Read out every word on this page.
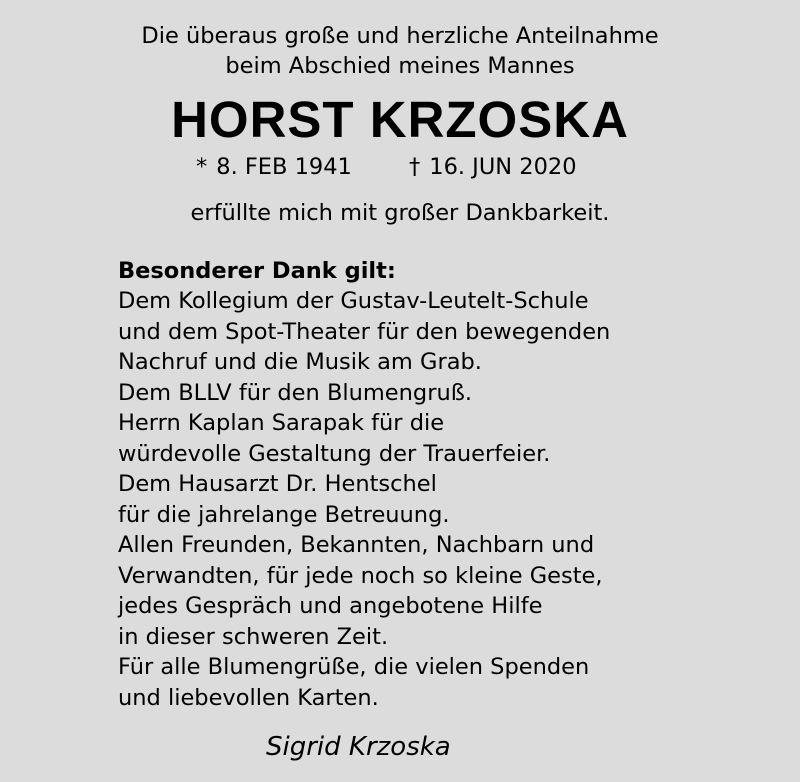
Die überaus große und herzliche Anteilnahme
beim Abschied meines Mannes
HORST KRZOSKA
* 8. FEB 1941	† 16. JUN 2020
erfüllte mich mit großer Dankbarkeit.
Besonderer Dank gilt:
Dem Kollegium der Gustav-Leutelt-Schule
und dem Spot-Theater für den bewegenden
Nachruf und die Musik am Grab.
Dem BLLV für den Blumengruß.
Herrn Kaplan Sarapak für die
würdevolle Gestaltung der Trauerfeier.
Dem Hausarzt Dr. Hentschel
für die jahrelange Betreuung.
Allen Freunden, Bekannten, Nachbarn und
Verwandten, für jede noch so kleine Geste,
jedes Gespräch und angebotene Hilfe
in dieser schweren Zeit.
Für alle Blumengrüße, die vielen Spenden
und liebevollen Karten.
Sigrid Krzoska
